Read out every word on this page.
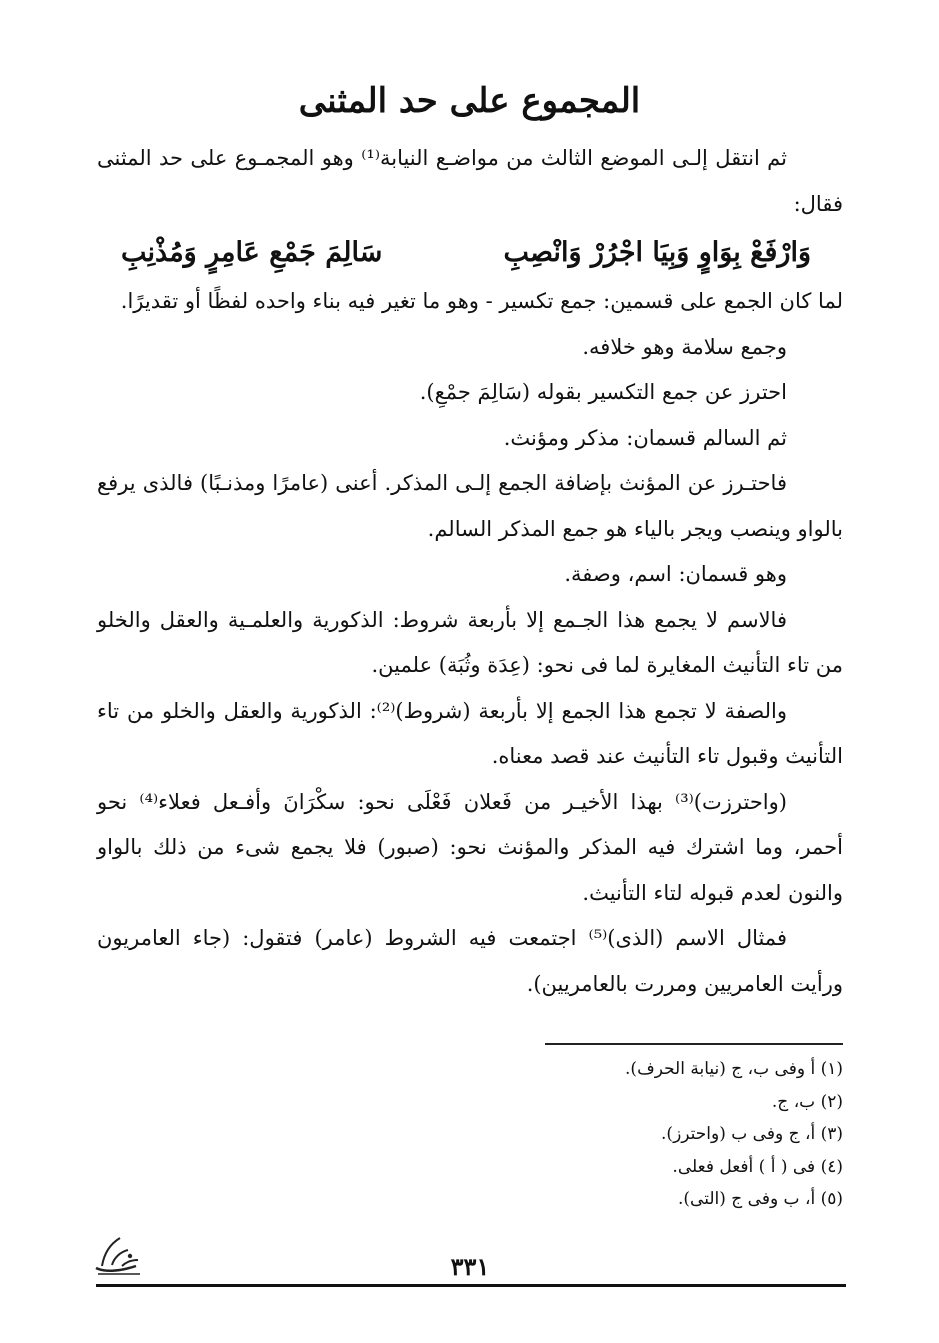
المجموع على حد المثنى

ثم انتقل إلـى الموضع الثالث من مواضـع النيابة⁽¹⁾ وهو المجمـوع على حد المثنى فقال:

وَارْفَعْ بِوَاوٍ وَبِيَا اجْرُرْ وَانْصِبِ
سَالِمَ جَمْعِ عَامِرٍ وَمُذْنِبِ

لما كان الجمع على قسمين: جمع تكسير - وهو ما تغير فيه بناء واحده لفظًا أو تقديرًا.

وجمع سلامة وهو خلافه.

احترز عن جمع التكسير بقوله (سَالِمَ جمْعِ).

ثم السالم قسمان: مذكر ومؤنث.

فاحتـرز عن المؤنث بإضافة الجمع إلـى المذكر. أعنى (عامرًا ومذنـبًا) فالذى يرفع بالواو وينصب ويجر بالياء هو جمع المذكر السالم.

وهو قسمان: اسم، وصفة.

فالاسم لا يجمع هذا الجـمع إلا بأربعة شروط: الذكورية والعلمـية والعقل والخلو من تاء التأنيث المغايرة لما فى نحو: (عِدَة وثُبَة) علمين.

والصفة لا تجمع هذا الجمع إلا بأربعة (شروط)⁽²⁾: الذكورية والعقل والخلو من تاء التأنيث وقبول تاء التأنيث عند قصد معناه.

(واحترزت)⁽³⁾ بهذا الأخيـر من فَعلان فَعْلَى نحو: سكْرَانَ وأفـعل فعلاء⁽⁴⁾ نحو أحمر، وما اشترك فيه المذكر والمؤنث نحو: (صبور) فلا يجمع شىء من ذلك بالواو والنون لعدم قبوله لتاء التأنيث.

فمثال الاسم (الذى)⁽⁵⁾ اجتمعت فيه الشروط (عامر) فتقول: (جاء العامريون ورأيت العامريين ومررت بالعامريين).

(١) أ وفى ب، ج (نيابة الحرف).
(٢) ب، ج.
(٣) أ، ج وفى ب (واحترز).
(٤) فى ( أ ) أفعل فعلى.
(٥) أ، ب وفى ج (التى).
٣٣١
